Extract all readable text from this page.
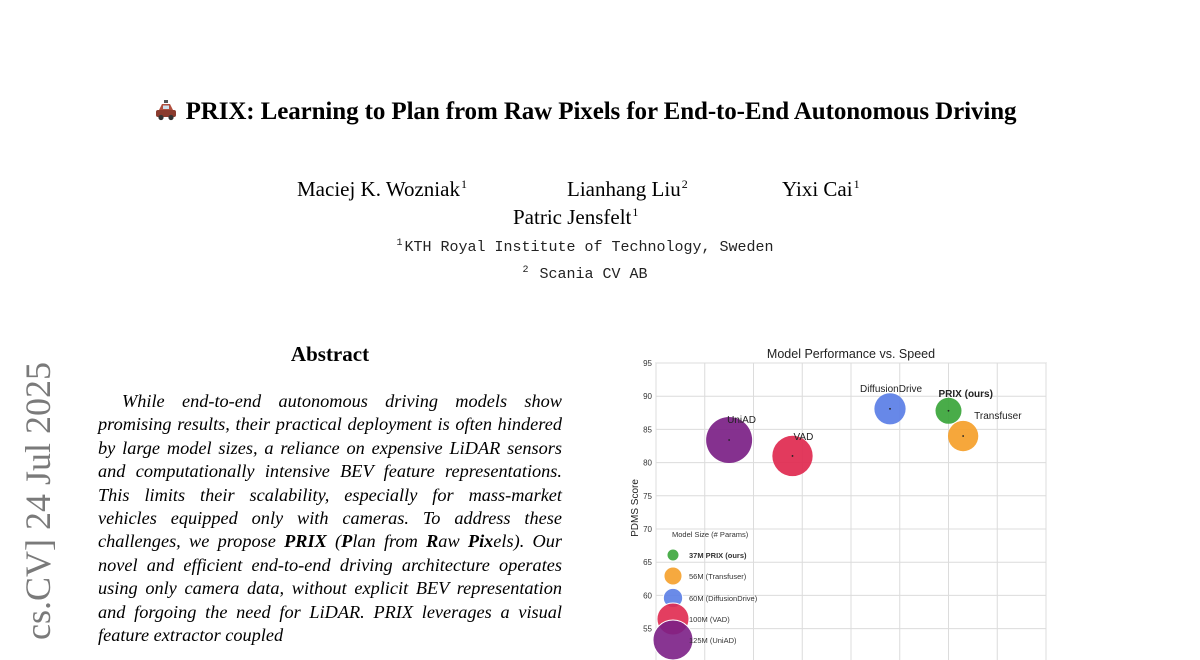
PRIX: Learning to Plan from Raw Pixels for End-to-End Autonomous Driving
Maciej K. Wozniak$^1$	Lianhang Liu$^2$	Yixi Cai$^1$
Patric Jensfelt$^1$
$^1$ KTH Royal Institute of Technology, Sweden
$^2$ Scania CV AB
cs.CV] 24 Jul 2025
Abstract

While end-to-end autonomous driving models show promising results, their practical deployment is often hindered by large model sizes, a reliance on expensive LiDAR sensors and computationally intensive BEV feature representations. This limits their scalability, especially for mass-market vehicles equipped only with cameras. To address these challenges, we propose PRIX (Plan from Raw Pixels). Our novel and efficient end-to-end driving architecture operates using only camera data, without explicit BEV representation and forgoing the need for LiDAR. PRIX leverages a visual feature extractor coupled

Model Performance vs. Speed
PDMS Score
55
60
65
70
75
80
85
90
95
Model Size (# Params)
37M PRIX (ours)
56M (Transfuser)
60M (DiffusionDrive)
100M (VAD)
125M (UniAD)
UniAD
VAD
DiffusionDrive PRIX (ours)
Transfuser
